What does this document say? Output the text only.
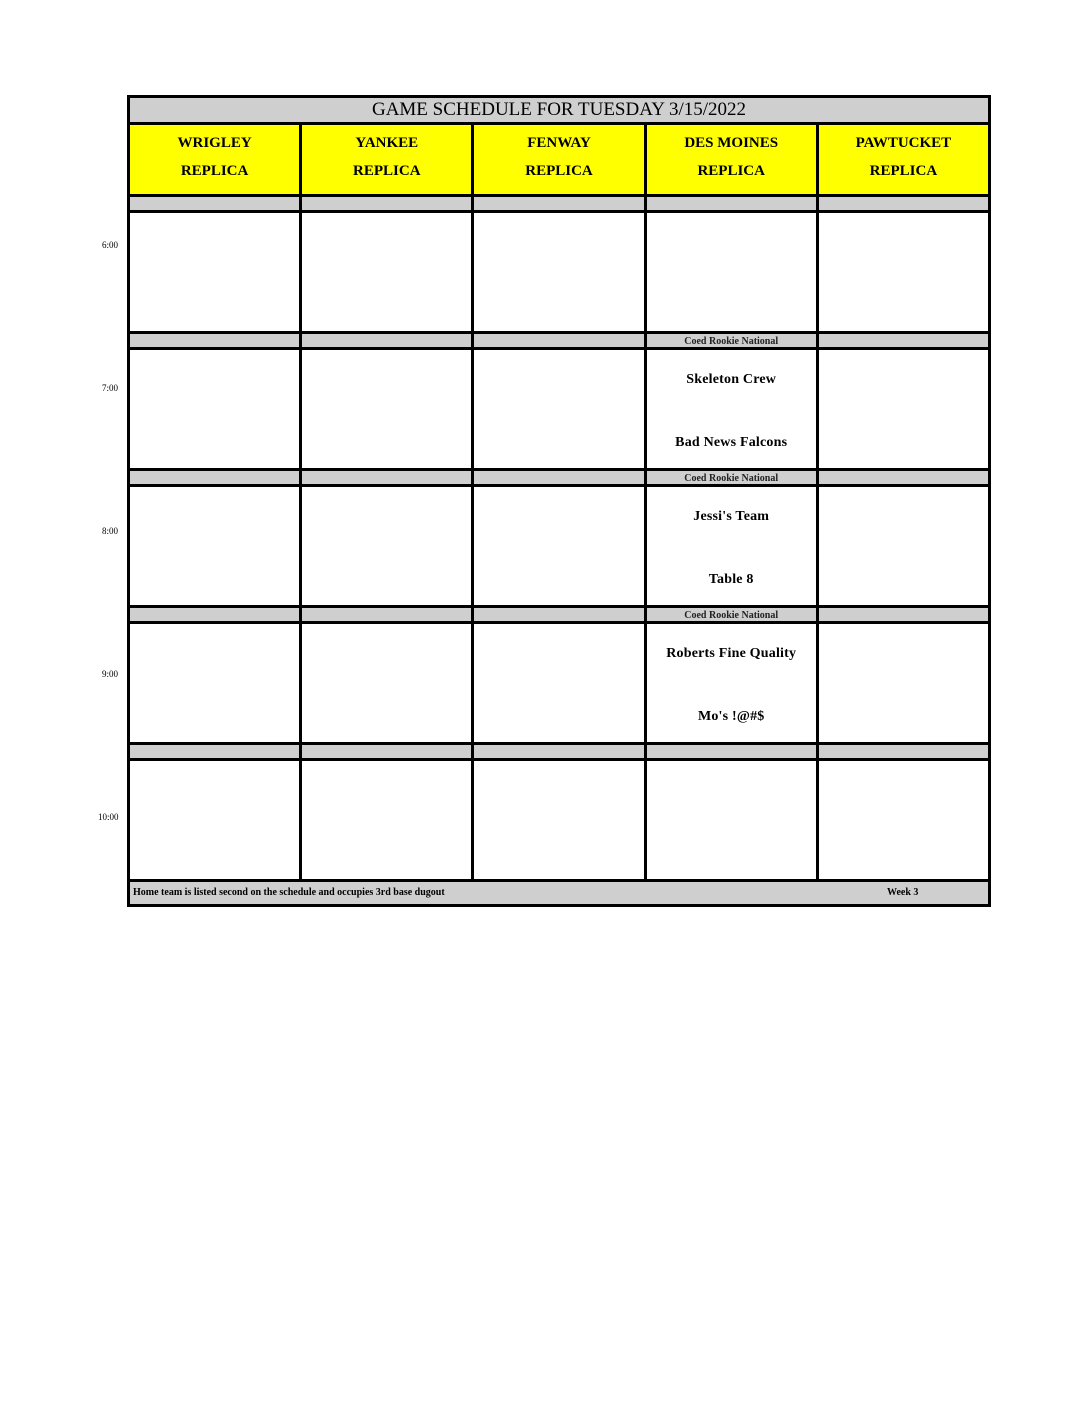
GAME SCHEDULE FOR TUESDAY 3/15/2022
WRIGLEY
REPLICA
YANKEE
REPLICA
FENWAY
REPLICA
DES MOINES
REPLICA
PAWTUCKET
REPLICA
Coed Rookie National
Skeleton Crew
Bad News Falcons
Coed Rookie National
Jessi's Team
Table 8
Coed Rookie National
Roberts Fine Quality
Mo's !@#$
Home team is listed second on the schedule and occupies 3rd base dugout	Week 3
6:00
7:00
8:00
9:00
10:00
